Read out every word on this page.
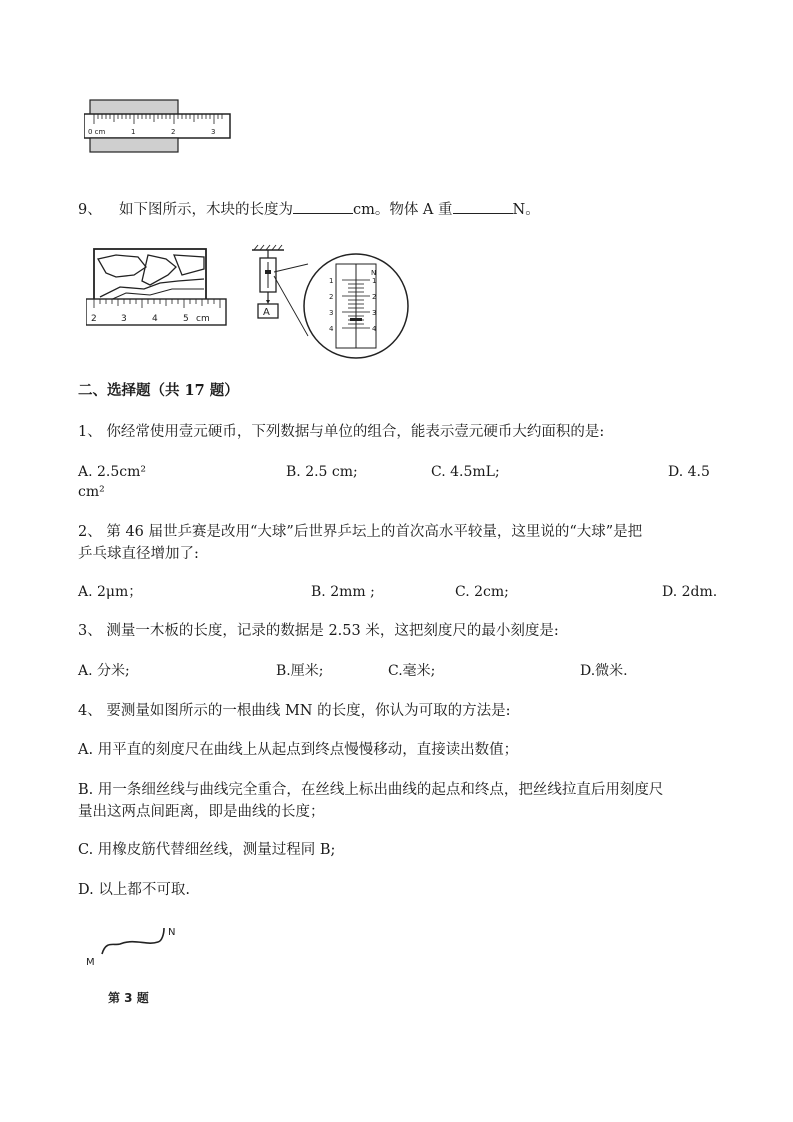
0 cm	1	2	3
9、 如下图所示，木块的长度为	cm。物体 A 重	N。
2	3	4	5 cm
A
1
2
3
4
N
1
2
3
4
二、选择题（共 17 题）
1、 你经常使用壹元硬币，下列数据与单位的组合，能表示壹元硬币大约面积的是:
A. 2.5cm²	B. 2.5 cm;	C. 4.5mL;	D. 4.5
cm²
2、 第 46 届世乒赛是改用“大球”后世界乒坛上的首次高水平较量，这里说的“大球”是把
乒乓球直径增加了:
A. 2μm；	B. 2mm ;	C. 2cm;	D. 2dm.
3、 测量一木板的长度，记录的数据是 2.53 米，这把刻度尺的最小刻度是:
A. 分米;	B.厘米;	C.毫米;	D.微米.
4、 要测量如图所示的一根曲线 MN 的长度，你认为可取的方法是:
A. 用平直的刻度尺在曲线上从起点到终点慢慢移动，直接读出数值；
B. 用一条细丝线与曲线完全重合，在丝线上标出曲线的起点和终点，把丝线拉直后用刻度尺
量出这两点间距离，即是曲线的长度；
C. 用橡皮筋代替细丝线，测量过程同 B;
D. 以上都不可取.
M
N
第 3 题
